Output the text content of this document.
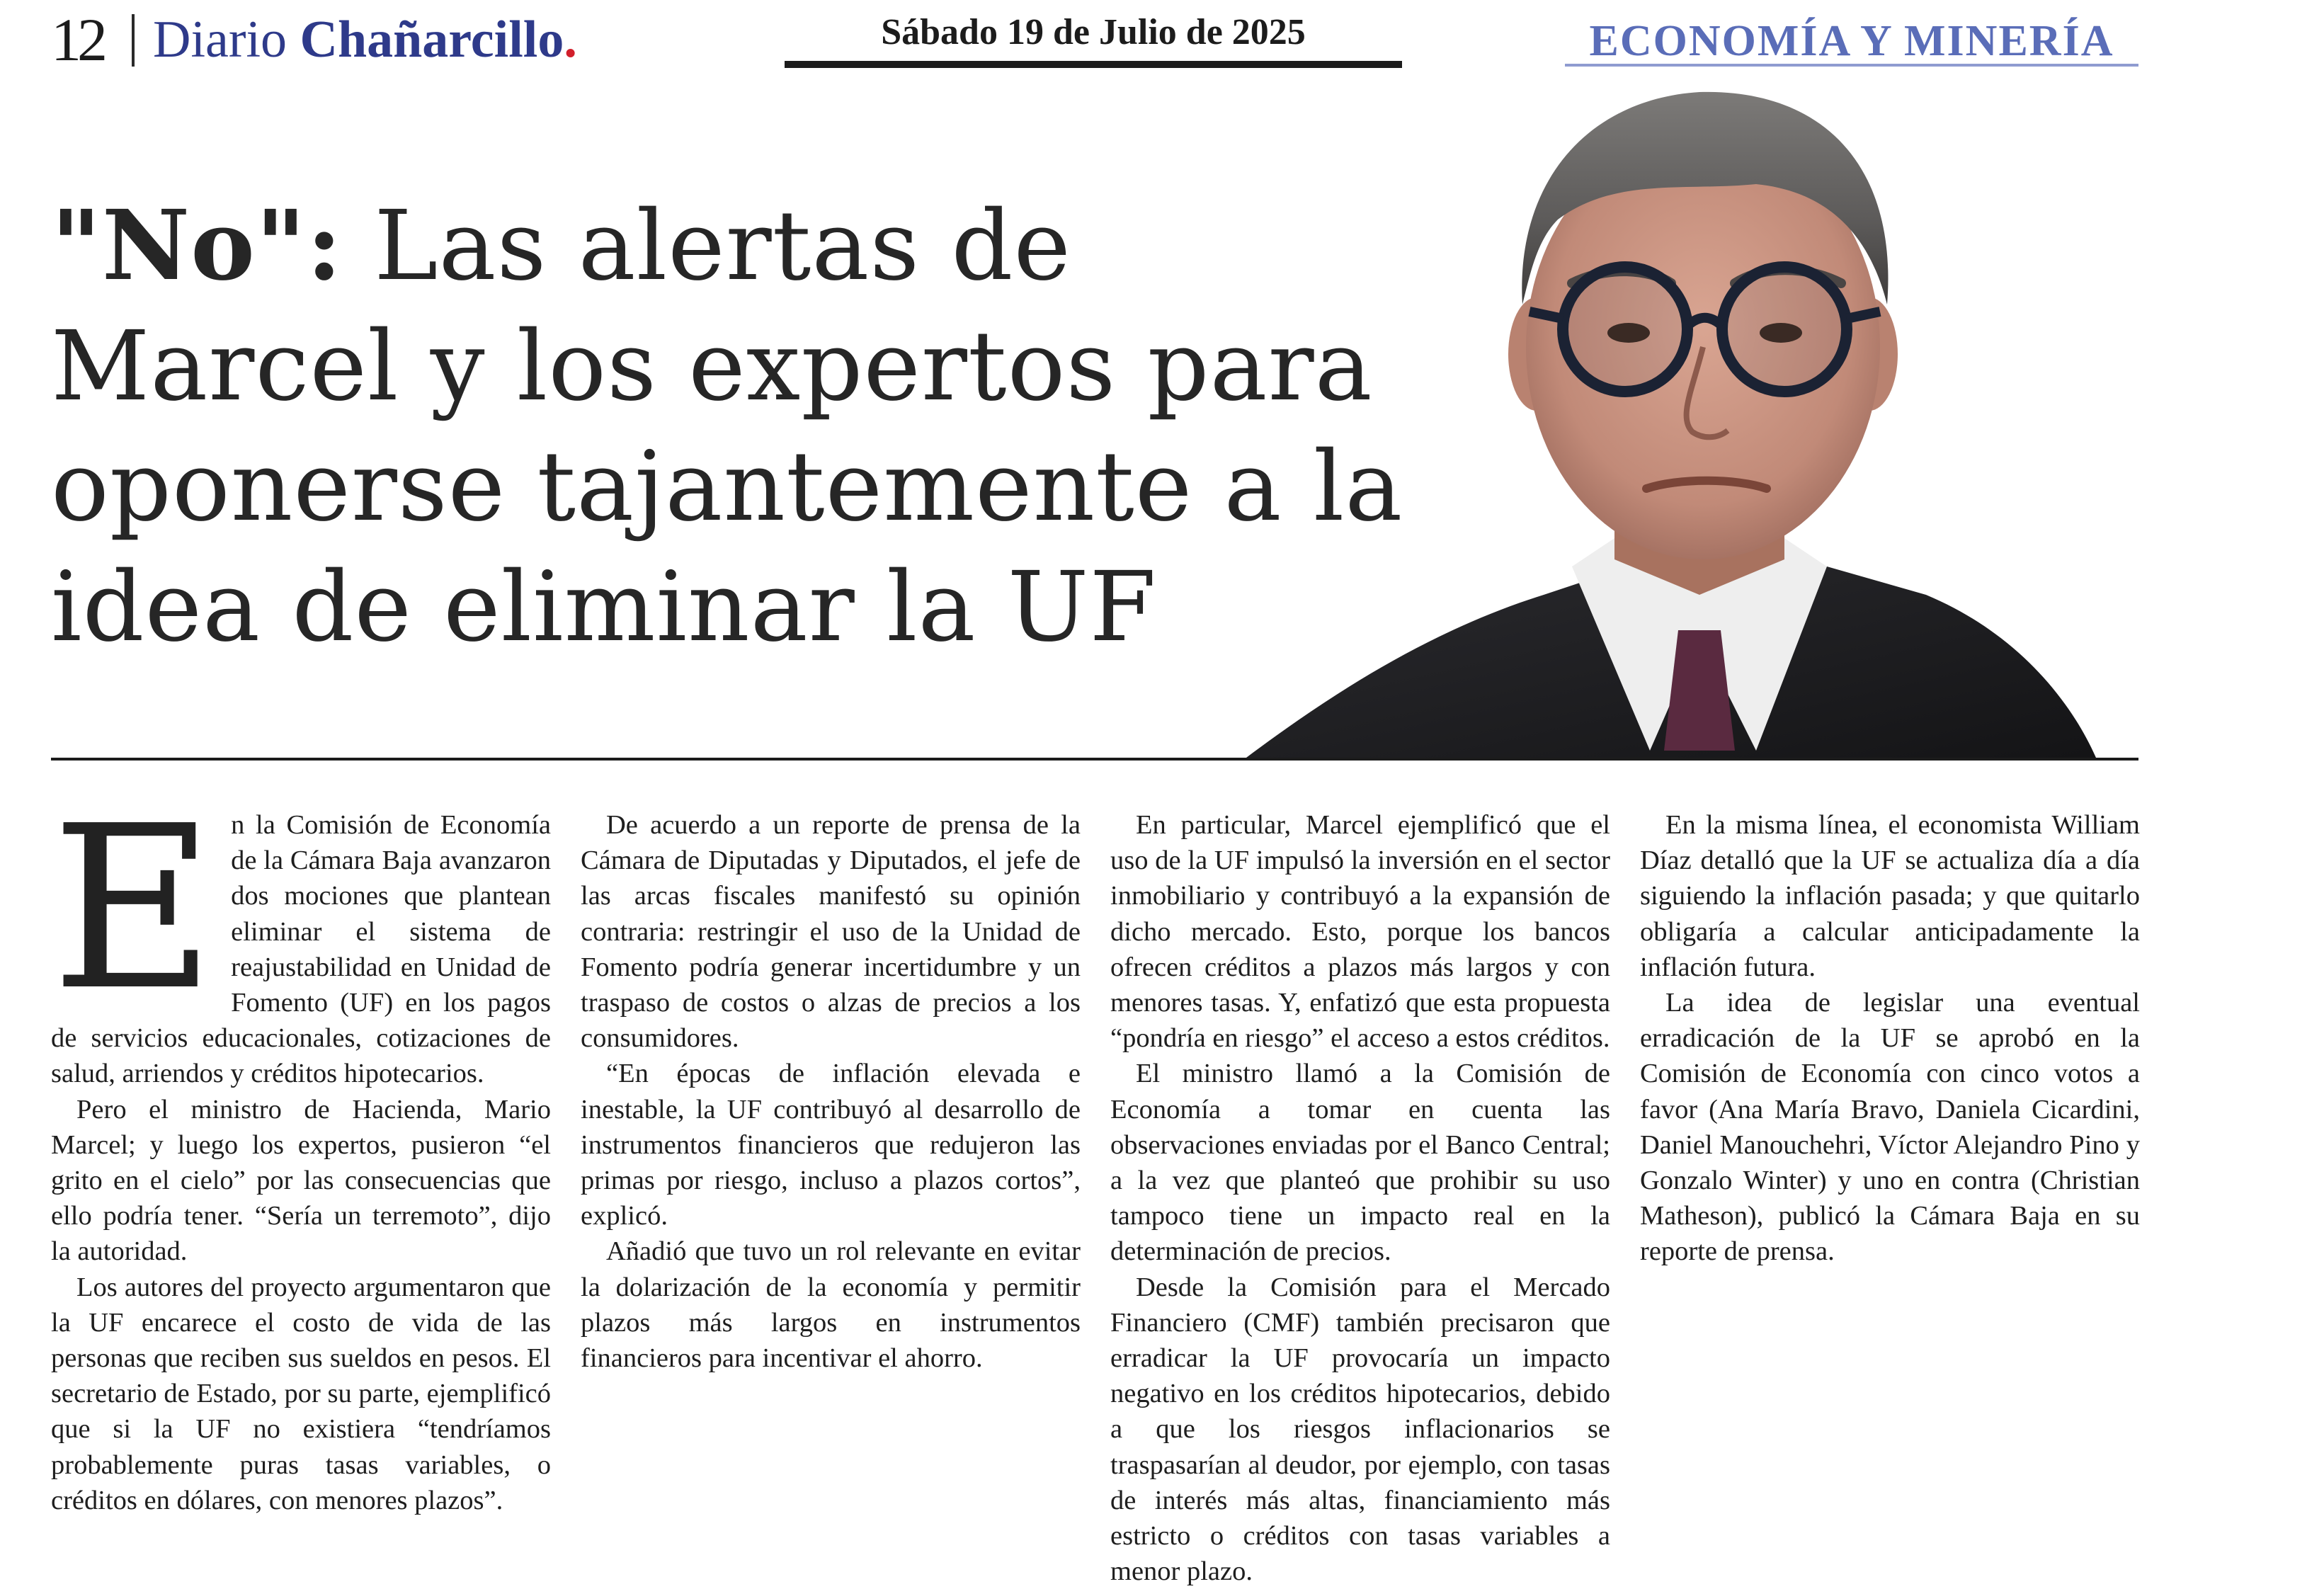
12 Diario Chañarcillo.	Sábado 19 de Julio de 2025	ECONOMÍA Y MINERÍA
"No": Las alertas de Marcel y los expertos para oponerse tajantemente a la idea de eliminar la UF

En la Comisión de Economía de la Cámara Baja avanzaron dos mociones que plantean eliminar el sistema de reajustabilidad en Unidad de Fomento (UF) en los pagos de servicios educacionales, cotizaciones de salud, arriendos y créditos hipotecarios.

Pero el ministro de Hacienda, Mario Marcel; y luego los expertos, pusieron “el grito en el cielo” por las consecuencias que ello podría tener. “Sería un terremoto”, dijo la autoridad.

Los autores del proyecto argumentaron que la UF encarece el costo de vida de las personas que reciben sus sueldos en pesos. El secretario de Estado, por su parte, ejemplificó que si la UF no existiera “tendríamos probablemente puras tasas variables, o créditos en dólares, con menores plazos”.

De acuerdo a un reporte de prensa de la Cámara de Diputadas y Diputados, el jefe de las arcas fiscales manifestó su opinión contraria: restringir el uso de la Unidad de Fomento podría generar incertidumbre y un traspaso de costos o alzas de precios a los consumidores.

“En épocas de inflación elevada e inestable, la UF contribuyó al desarrollo de instrumentos financieros que redujeron las primas por riesgo, incluso a plazos cortos”, explicó.

Añadió que tuvo un rol relevante en evitar la dolarización de la economía y permitir plazos más largos en instrumentos financieros para incentivar el ahorro.

En particular, Marcel ejemplificó que el uso de la UF impulsó la inversión en el sector inmobiliario y contribuyó a la expansión de dicho mercado. Esto, porque los bancos ofrecen créditos a plazos más largos y con menores tasas. Y, enfatizó que esta propuesta “pondría en riesgo” el acceso a estos créditos.

El ministro llamó a la Comisión de Economía a tomar en cuenta las observaciones enviadas por el Banco Central; a la vez que planteó que prohibir su uso tampoco tiene un impacto real en la determinación de precios.

Desde la Comisión para el Mercado Financiero (CMF) también precisaron que erradicar la UF provocaría un impacto negativo en los créditos hipotecarios, debido a que los riesgos inflacionarios se traspasarían al deudor, por ejemplo, con tasas de interés más altas, financiamiento más estricto o créditos con tasas variables a menor plazo.

En la misma línea, el economista William Díaz detalló que la UF se actualiza día a día siguiendo la inflación pasada; y que quitarlo obligaría a calcular anticipadamente la inflación futura.

La idea de legislar una eventual erradicación de la UF se aprobó en la Comisión de Economía con cinco votos a favor (Ana María Bravo, Daniela Cicardini, Daniel Manouchehri, Víctor Alejandro Pino y Gonzalo Winter) y uno en contra (Christian Matheson), publicó la Cámara Baja en su reporte de prensa.
